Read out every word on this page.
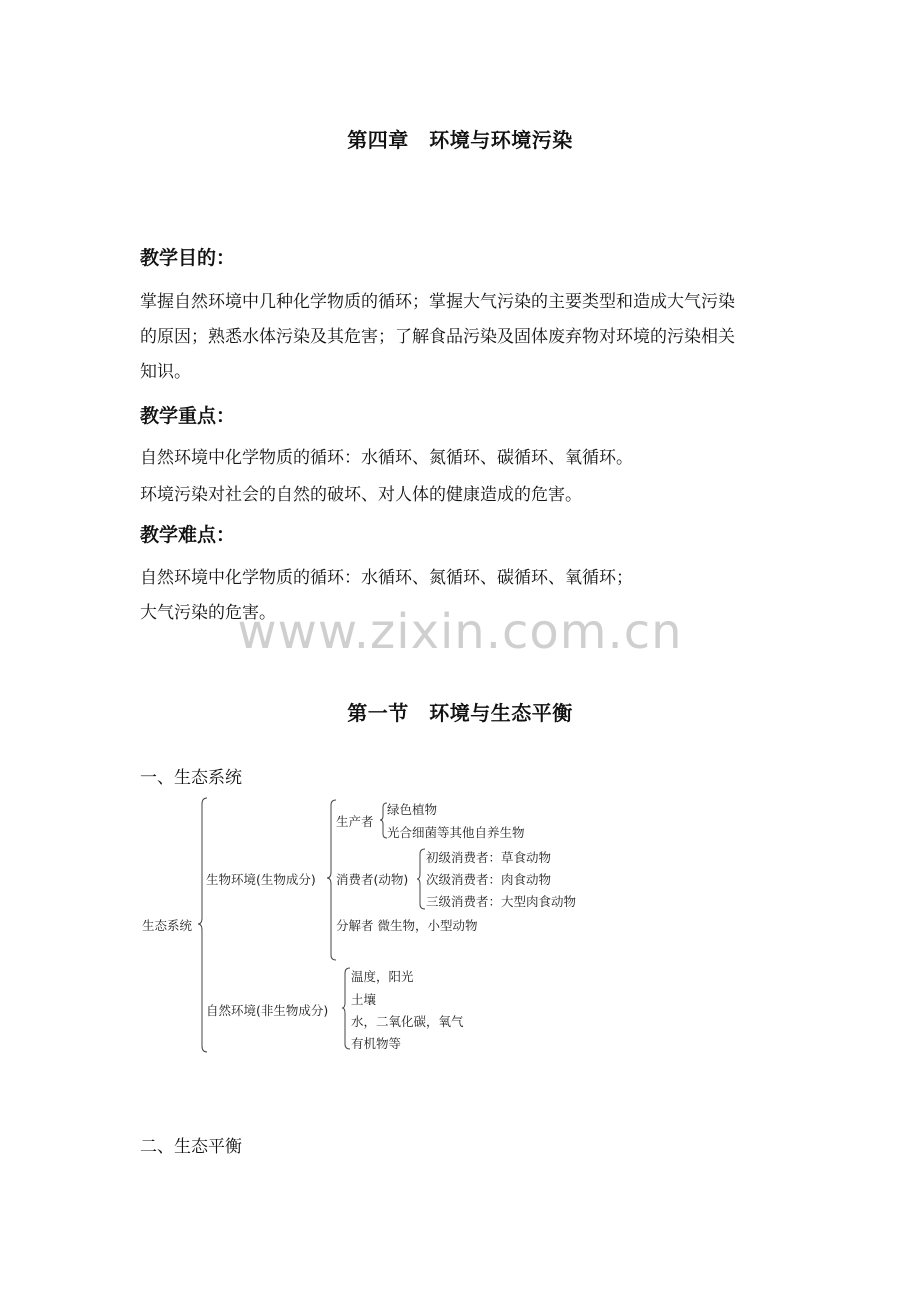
第四章　环境与环境污染
教学目的：
掌握自然环境中几种化学物质的循环；掌握大气污染的主要类型和造成大气污染
的原因；熟悉水体污染及其危害；了解食品污染及固体废弃物对环境的污染相关
知识。
教学重点：
自然环境中化学物质的循环：水循环、氮循环、碳循环、氧循环。
环境污染对社会的自然的破坏、对人体的健康造成的危害。
教学难点：
自然环境中化学物质的循环：水循环、氮循环、碳循环、氧循环；
大气污染的危害。
www.zixin.com.cn
第一节　环境与生态平衡
一、生态系统
生态系统
生物环境(生物成分)
生产者
绿色植物
光合细菌等其他自养生物
消费者(动物)
初级消费者：草食动物
次级消费者：肉食动物
三级消费者：大型肉食动物
分解者 微生物，小型动物
自然环境(非生物成分)
温度，阳光
土壤
水，二氧化碳，氧气
有机物等
二、生态平衡
